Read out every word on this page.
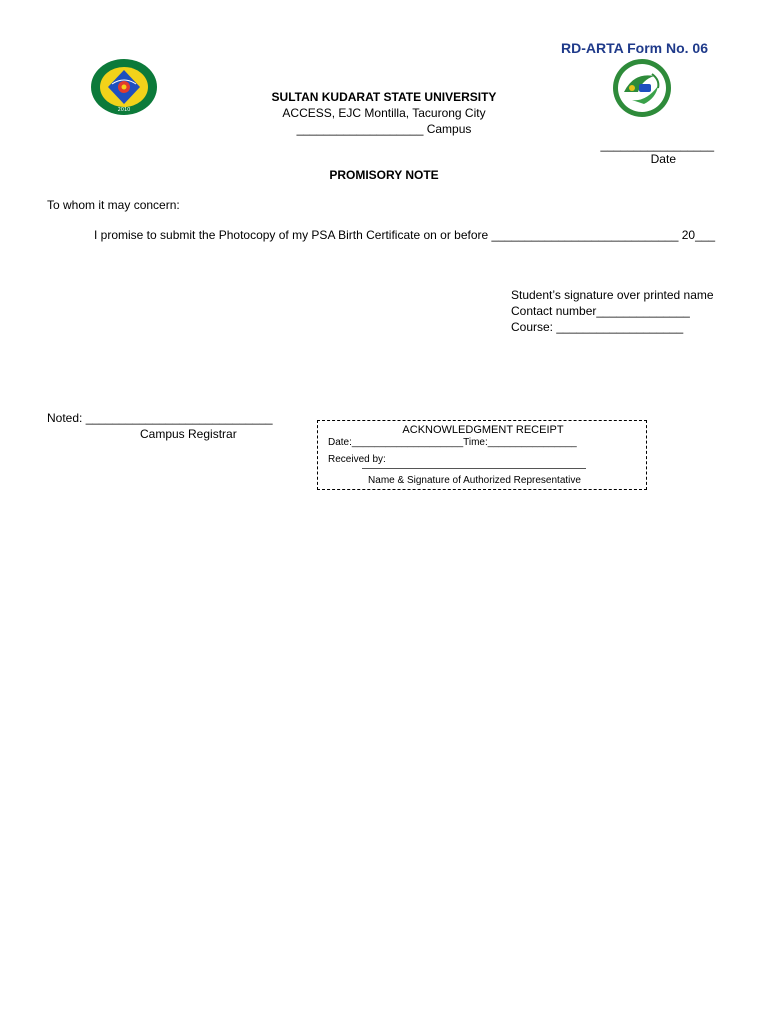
RD-ARTA Form No. 06
2010
SULTAN KUDARAT STATE UNIVERSITY
ACCESS, EJC Montilla, Tacurong City
___________________ Campus
_________________
Date
PROMISORY NOTE
To whom it may concern:
I promise to submit the Photocopy of my PSA Birth Certificate on or before ____________________________ 20___
Student’s signature over printed name
Contact number______________
Course: ___________________
Noted: ____________________________
Campus Registrar	ACKNOWLEDGMENT RECEIPT
Date:____________________Time:________________
Received by:
Name & Signature of Authorized Representative
